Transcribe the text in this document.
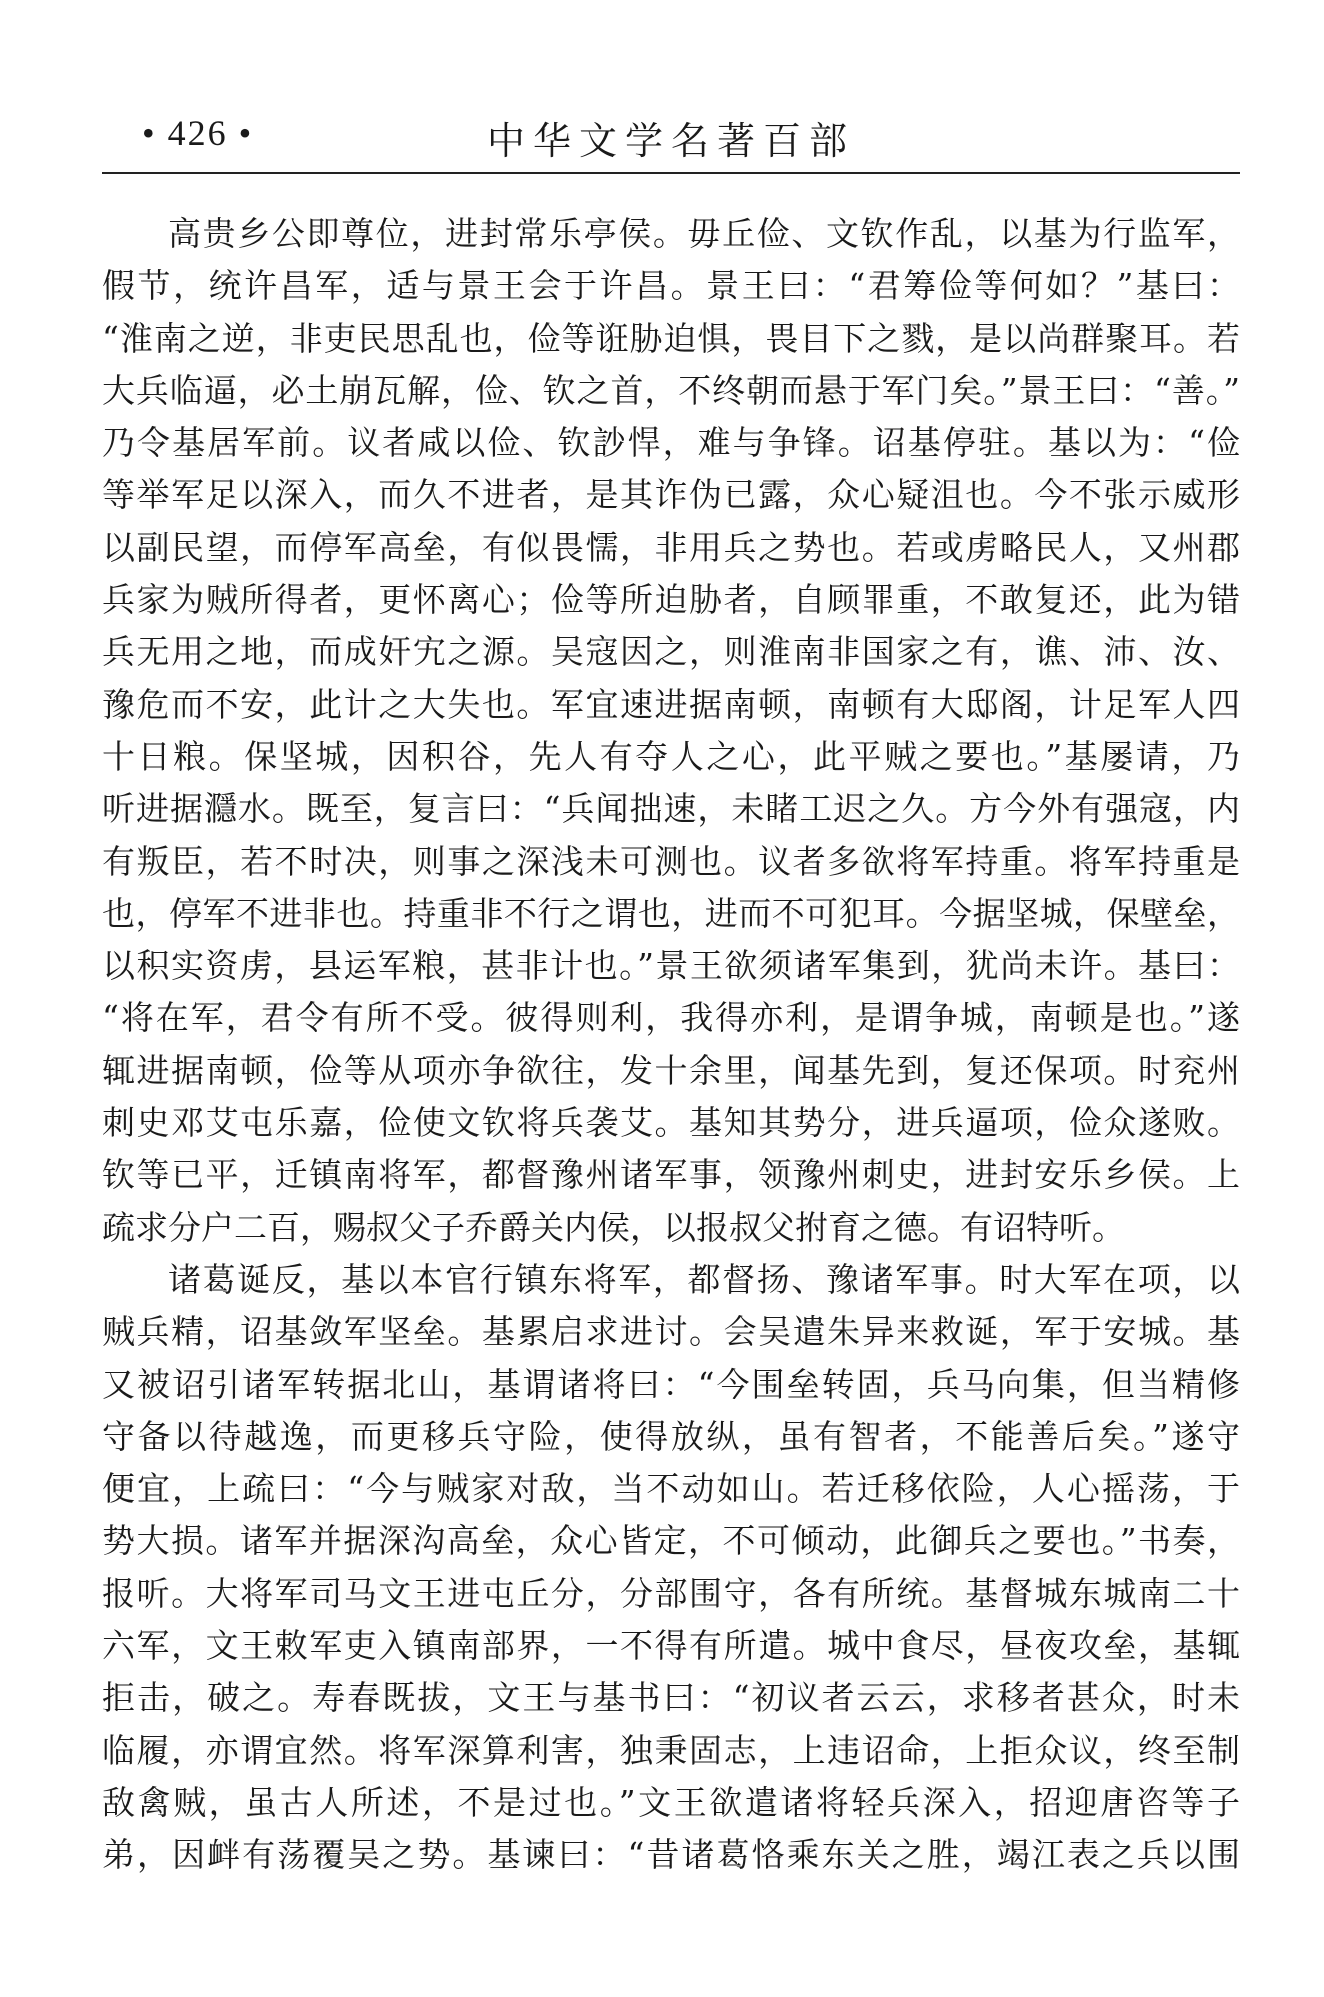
• 426 •	中华文学名著百部
高贵乡公即尊位，进封常乐亭侯。毋丘俭、文钦作乱，以基为行监军，
假节，统许昌军，适与景王会于许昌。景王曰：“君筹俭等何如？”基曰：
“淮南之逆，非吏民思乱也，俭等诳胁迫惧，畏目下之戮，是以尚群聚耳。若
大兵临逼，必土崩瓦解，俭、钦之首，不终朝而悬于军门矣。”景王曰：“善。”
乃令基居军前。议者咸以俭、钦訬悍，难与争锋。诏基停驻。基以为：“俭
等举军足以深入，而久不进者，是其诈伪已露，众心疑沮也。今不张示威形
以副民望，而停军高垒，有似畏懦，非用兵之势也。若或虏略民人，又州郡
兵家为贼所得者，更怀离心；俭等所迫胁者，自顾罪重，不敢复还，此为错
兵无用之地，而成奸宄之源。吴寇因之，则淮南非国家之有，谯、沛、汝、
豫危而不安，此计之大失也。军宜速进据南顿，南顿有大邸阁，计足军人四
十日粮。保坚城，因积谷，先人有夺人之心，此平贼之要也。”基屡请，乃
听进据㶏水。既至，复言曰：“兵闻拙速，未睹工迟之久。方今外有强寇，内
有叛臣，若不时决，则事之深浅未可测也。议者多欲将军持重。将军持重是
也，停军不进非也。持重非不行之谓也，进而不可犯耳。今据坚城，保壁垒，
以积实资虏，县运军粮，甚非计也。”景王欲须诸军集到，犹尚未许。基曰：
“将在军，君令有所不受。彼得则利，我得亦利，是谓争城，南顿是也。”遂
辄进据南顿，俭等从项亦争欲往，发十余里，闻基先到，复还保项。时兖州
刺史邓艾屯乐嘉，俭使文钦将兵袭艾。基知其势分，进兵逼项，俭众遂败。
钦等已平，迁镇南将军，都督豫州诸军事，领豫州刺史，进封安乐乡侯。上
疏求分户二百，赐叔父子乔爵关内侯，以报叔父拊育之德。有诏特听。
诸葛诞反，基以本官行镇东将军，都督扬、豫诸军事。时大军在项，以
贼兵精，诏基敛军坚垒。基累启求进讨。会吴遣朱异来救诞，军于安城。基
又被诏引诸军转据北山，基谓诸将曰：“今围垒转固，兵马向集，但当精修
守备以待越逸，而更移兵守险，使得放纵，虽有智者，不能善后矣。”遂守
便宜，上疏曰：“今与贼家对敌，当不动如山。若迁移依险，人心摇荡，于
势大损。诸军并据深沟高垒，众心皆定，不可倾动，此御兵之要也。”书奏，
报听。大将军司马文王进屯丘分，分部围守，各有所统。基督城东城南二十
六军，文王敕军吏入镇南部界，一不得有所遣。城中食尽，昼夜攻垒，基辄
拒击，破之。寿春既拔，文王与基书曰：“初议者云云，求移者甚众，时未
临履，亦谓宜然。将军深算利害，独秉固志，上违诏命，上拒众议，终至制
敌禽贼，虽古人所述，不是过也。”文王欲遣诸将轻兵深入，招迎唐咨等子
弟，因衅有荡覆吴之势。基谏曰：“昔诸葛恪乘东关之胜，竭江表之兵以围
